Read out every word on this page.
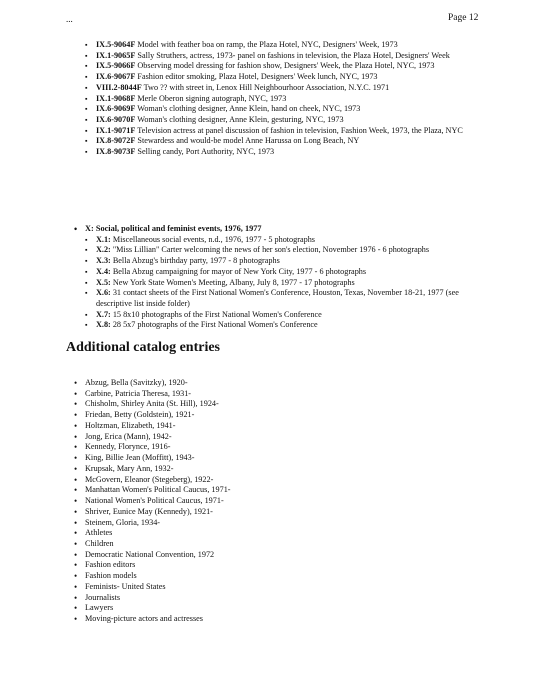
...	Page 12
▪ IX.5-9064F Model with feather boa on ramp, the Plaza Hotel, NYC, Designers' Week, 1973
▪ IX.1-9065F Sally Struthers, actress, 1973- panel on fashions in television, the Plaza Hotel, Designers' Week
▪ IX.5-9066F Observing model dressing for fashion show, Designers' Week, the Plaza Hotel, NYC, 1973
▪ IX.6-9067F Fashion editor smoking, Plaza Hotel, Designers' Week lunch, NYC, 1973
▪ VIII.2-8044F Two ?? with street in, Lenox Hill Neighbourhoor Association, N.Y.C. 1971
▪ IX.1-9068F Merle Oberon signing autograph, NYC, 1973
▪ IX.6-9069F Woman's clothing designer, Anne Klein, hand on cheek, NYC, 1973
▪ IX.6-9070F Woman's clothing designer, Anne Klein, gesturing, NYC, 1973
▪ IX.1-9071F Television actress at panel discussion of fashion in television, Fashion Week, 1973, the Plaza, NYC
▪ IX.8-9072F Stewardess and would-be model Anne Harussa on Long Beach, NY
▪ IX.8-9073F Selling candy, Port Authority, NYC, 1973
• X: Social, political and feminist events, 1976, 1977
▪ X.1: Miscellaneous social events, n.d., 1976, 1977 - 5 photographs
▪ X.2: "Miss Lillian" Carter welcoming the news of her son's election, November 1976 - 6 photographs
▪ X.3: Bella Abzug's birthday party, 1977 - 8 photographs
▪ X.4: Bella Abzug campaigning for mayor of New York City, 1977 - 6 photographs
▪ X.5: New York State Women's Meeting, Albany, July 8, 1977 - 17 photographs
▪ X.6: 31 contact sheets of the First National Women's Conference, Houston, Texas, November 18-21, 1977 (see descriptive list inside folder)
▪ X.7: 15 8x10 photographs of the First National Women's Conference
▪ X.8: 28 5x7 photographs of the First National Women's Conference
Additional catalog entries
• Abzug, Bella (Savitzky), 1920-
• Carbine, Patricia Theresa, 1931-
• Chisholm, Shirley Anita (St. Hill), 1924-
• Friedan, Betty (Goldstein), 1921-
• Holtzman, Elizabeth, 1941-
• Jong, Erica (Mann), 1942-
• Kennedy, Florynce, 1916-
• King, Billie Jean (Moffitt), 1943-
• Krupsak, Mary Ann, 1932-
• McGovern, Eleanor (Stegeberg), 1922-
• Manhattan Women's Political Caucus, 1971-
• National Women's Political Caucus, 1971-
• Shriver, Eunice May (Kennedy), 1921-
• Steinem, Gloria, 1934-
• Athletes
• Children
• Democratic National Convention, 1972
• Fashion editors
• Fashion models
• Feminists- United States
• Journalists
• Lawyers
• Moving-picture actors and actresses
